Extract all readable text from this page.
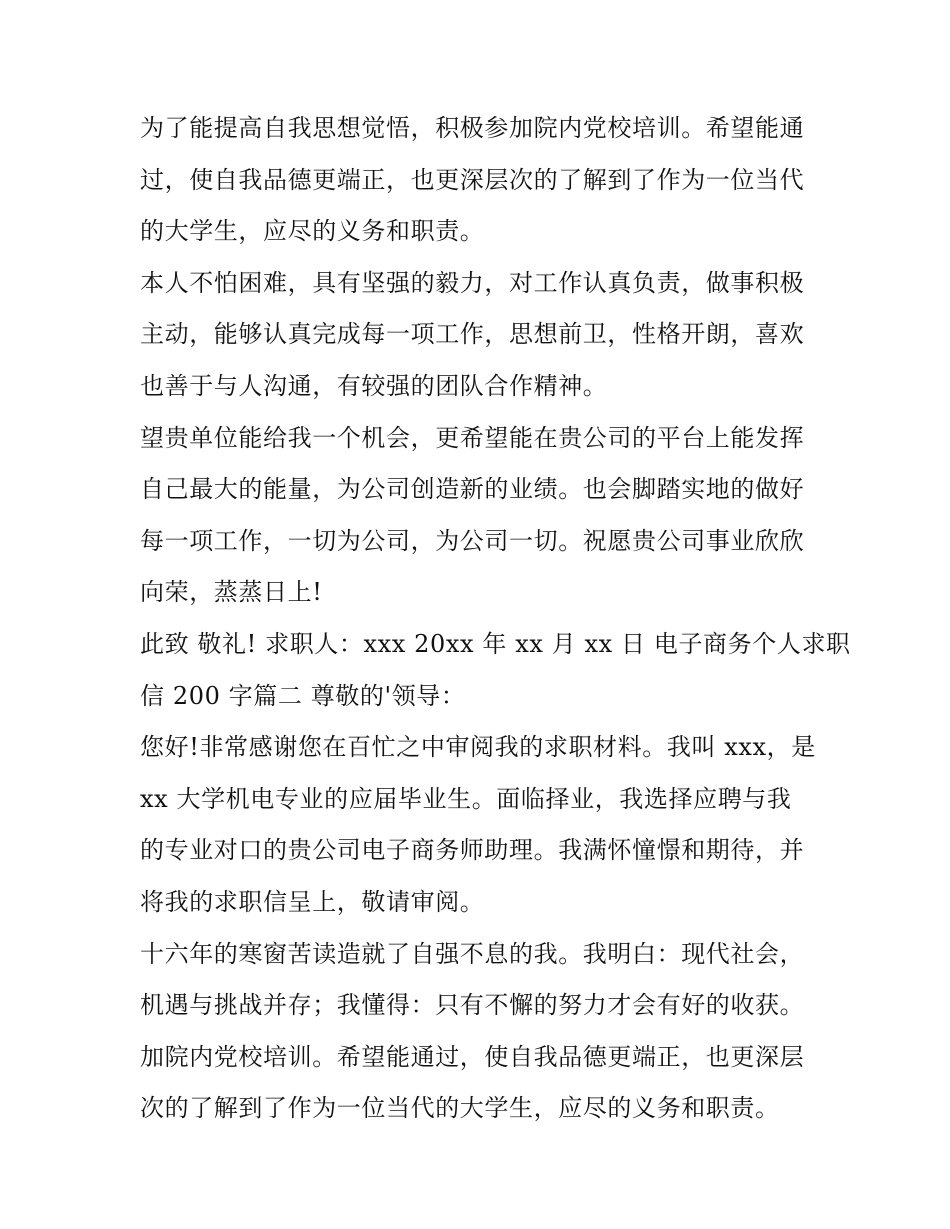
为了能提高自我思想觉悟，积极参加院内党校培训。希望能通
过，使自我品德更端正，也更深层次的了解到了作为一位当代
的大学生，应尽的义务和职责。
本人不怕困难，具有坚强的毅力，对工作认真负责，做事积极
主动，能够认真完成每一项工作，思想前卫，性格开朗，喜欢
也善于与人沟通，有较强的团队合作精神。
望贵单位能给我一个机会，更希望能在贵公司的平台上能发挥
自己最大的能量，为公司创造新的业绩。也会脚踏实地的做好
每一项工作，一切为公司，为公司一切。祝愿贵公司事业欣欣
向荣，蒸蒸日上!
此致 敬礼! 求职人：xxx 20xx 年 xx 月 xx 日 电子商务个人求职
信 200 字篇二 尊敬的'领导：
您好!非常感谢您在百忙之中审阅我的求职材料。我叫 xxx，是
xx 大学机电专业的应届毕业生。面临择业，我选择应聘与我
的专业对口的贵公司电子商务师助理。我满怀憧憬和期待，并
将我的求职信呈上，敬请审阅。
十六年的寒窗苦读造就了自强不息的我。我明白：现代社会，
机遇与挑战并存；我懂得：只有不懈的努力才会有好的收获。
加院内党校培训。希望能通过，使自我品德更端正，也更深层
次的了解到了作为一位当代的大学生，应尽的义务和职责。
